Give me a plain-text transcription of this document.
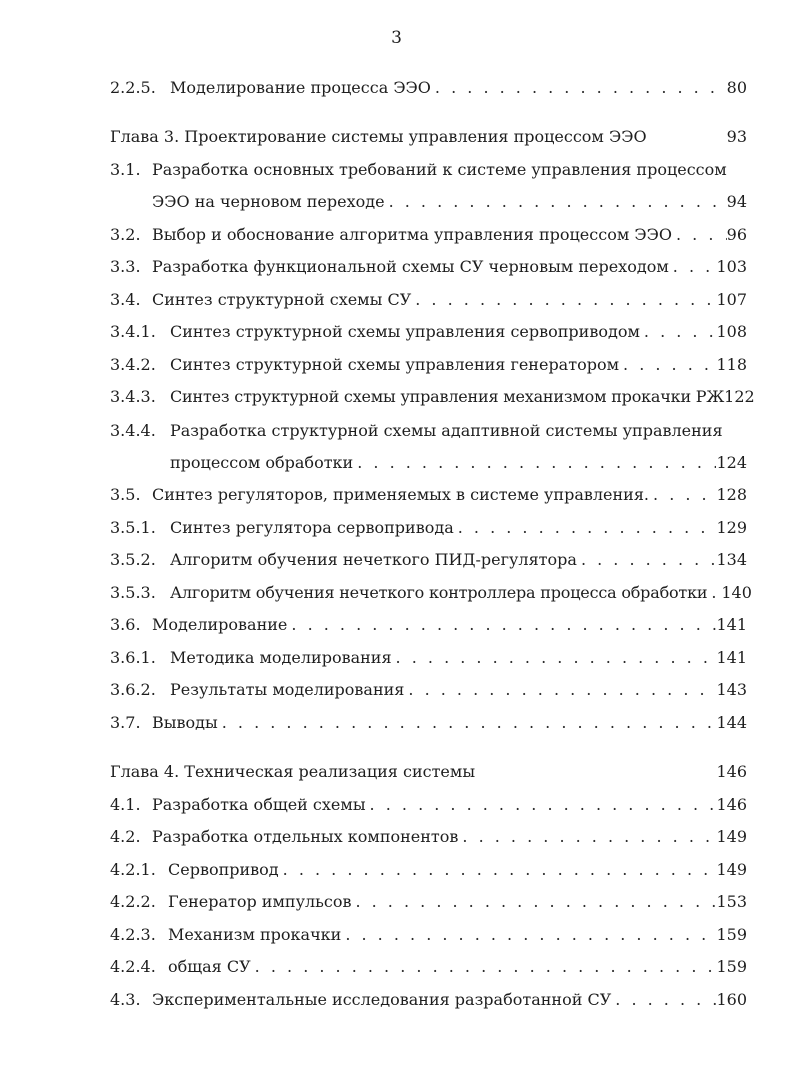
3
2.2.5. Моделирование процесса ЭЭО . . .	80
Глава 3. Проектирование системы управления процессом ЭЭО	93
3.1. Разработка основных требований к системе управления процессом
ЭЭО на черновом переходе . . .	94
3.2. Выбор и обоснование алгоритма управления процессом ЭЭО . . .	96
3.3. Разработка функциональной схемы СУ черновым переходом . . .	103
3.4. Синтез структурной схемы СУ . . .	107
3.4.1. Синтез структурной схемы управления сервоприводом . . .	108
3.4.2. Синтез структурной схемы управления генератором . . .	118
3.4.3. Синтез структурной схемы управления механизмом прокачки РЖ 122
3.4.4. Разработка структурной схемы адаптивной системы управления
процессом обработки . . .	124
3.5. Синтез регуляторов, применяемых в системе управления. . . .	128
3.5.1. Синтез регулятора сервопривода . . .	129
3.5.2. Алгоритм обучения нечеткого ПИД-регулятора . . .	134
3.5.3. Алгоритм обучения нечеткого контроллера процесса обработки . . . 140
3.6. Моделирование . . .	141
3.6.1. Методика моделирования . . .	141
3.6.2. Результаты моделирования . . .	143
3.7. Выводы . . .	144
Глава 4. Техническая реализация системы	146
4.1. Разработка общей схемы . . .	146
4.2. Разработка отдельных компонентов . . .	149
4.2.1. Сервопривод . . .	149
4.2.2. Генератор импульсов . . .	153
4.2.3. Механизм прокачки . . .	159
4.2.4. общая СУ . . .	159
4.3. Экспериментальные исследования разработанной СУ . . .	160
